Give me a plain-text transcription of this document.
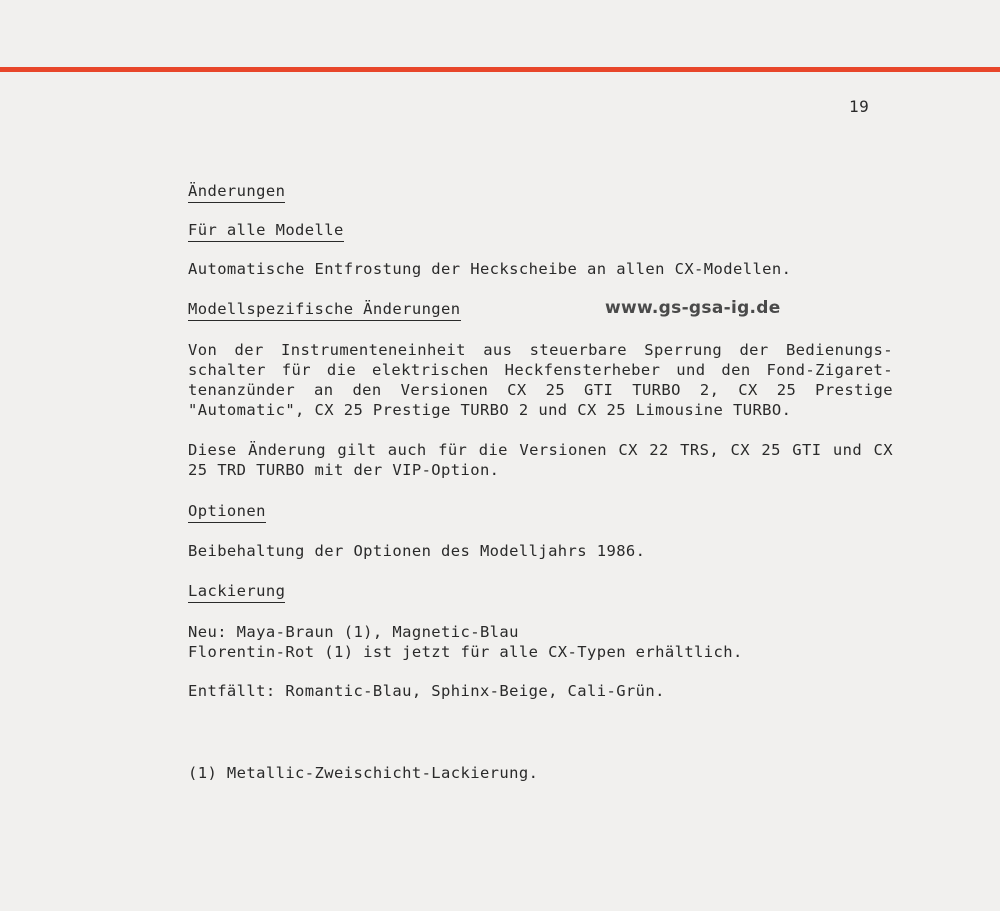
19
www.gs-gsa-ig.de
Änderungen
Für alle Modelle
Automatische Entfrostung der Heckscheibe an allen CX-Modellen.
Modellspezifische Änderungen
Von der Instrumenteneinheit aus steuerbare Sperrung der Bedienungs-schalter für die elektrischen Heckfensterheber und den Fond-Zigaret-tenanzünder an den Versionen CX 25 GTI TURBO 2, CX 25 Prestige "Automatic", CX 25 Prestige TURBO 2 und CX 25 Limousine TURBO.
Diese Änderung gilt auch für die Versionen CX 22 TRS, CX 25 GTI und CX 25 TRD TURBO mit der VIP-Option.
Optionen
Beibehaltung der Optionen des Modelljahrs 1986.
Lackierung
Neu: Maya-Braun (1), Magnetic-Blau
Florentin-Rot (1) ist jetzt für alle CX-Typen erhältlich.
Entfällt: Romantic-Blau, Sphinx-Beige, Cali-Grün.
(1) Metallic-Zweischicht-Lackierung.
